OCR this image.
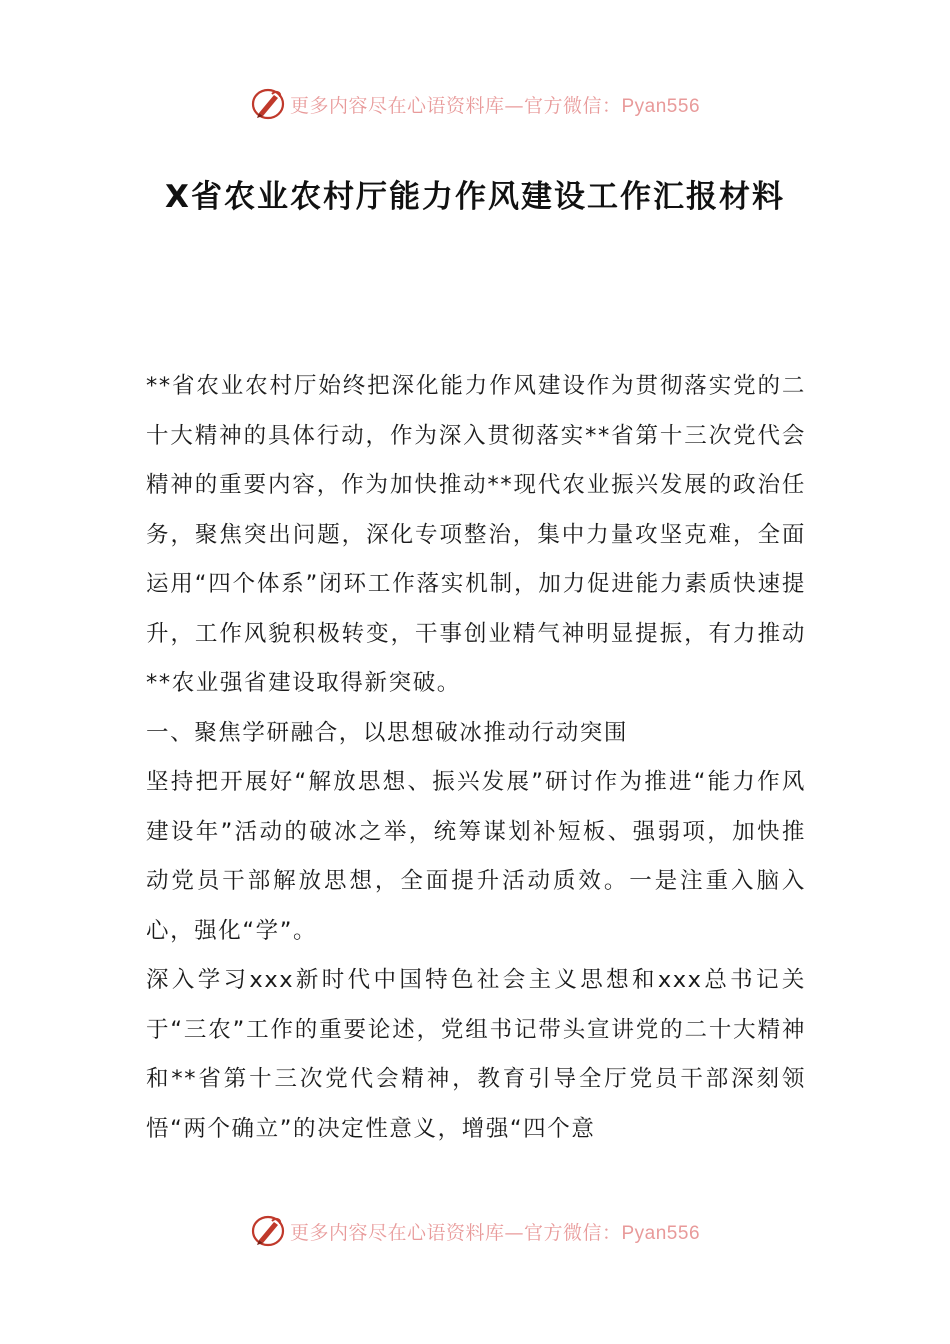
更多内容尽在心语资料库—官方微信：Pyan556
X省农业农村厅能力作风建设工作汇报材料

**省农业农村厅始终把深化能力作风建设作为贯彻落实党的二十大精神的具体行动，作为深入贯彻落实**省第十三次党代会精神的重要内容，作为加快推动**现代农业振兴发展的政治任务，聚焦突出问题，深化专项整治，集中力量攻坚克难，全面运用“四个体系”闭环工作落实机制，加力促进能力素质快速提升，工作风貌积极转变，干事创业精气神明显提振，有力推动**农业强省建设取得新突破。

一、聚焦学研融合，以思想破冰推动行动突围

坚持把开展好“解放思想、振兴发展”研讨作为推进“能力作风建设年”活动的破冰之举，统筹谋划补短板、强弱项，加快推动党员干部解放思想，全面提升活动质效。一是注重入脑入心，强化“学”。

深入学习xxx新时代中国特色社会主义思想和xxx总书记关于“三农”工作的重要论述，党组书记带头宣讲党的二十大精神和**省第十三次党代会精神，教育引导全厅党员干部深刻领悟“两个确立”的决定性意义，增强“四个意

更多内容尽在心语资料库—官方微信：Pyan556
